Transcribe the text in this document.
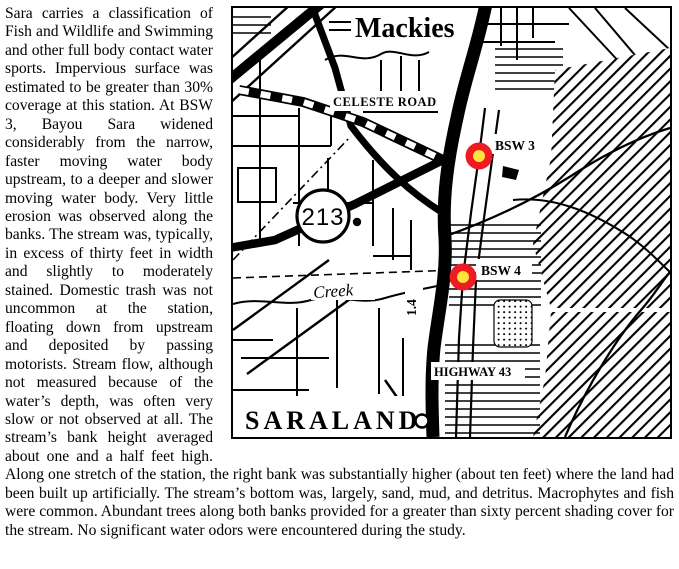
Mackies
CELESTE ROAD
213
Creek
1.4
HIGHWAY 43
SARALAND
BSW 3
BSW 4

Sara carries a classification of Fish and Wildlife and Swimming and other full body contact water sports. Impervious surface was estimated to be greater than 30% coverage at this station. At BSW 3, Bayou Sara widened considerably from the narrow, faster moving water body upstream, to a deeper and slower moving water body. Very little erosion was observed along the banks. The stream was, typically, in excess of thirty feet in width and slightly to moderately stained. Domestic trash was not uncommon at the station, floating down from upstream and deposited by passing motorists. Stream flow, although not measured because of the water’s depth, was often very slow or not observed at all. The stream’s bank height averaged about one and a half feet high. Along one stretch of the station, the right bank was substantially higher (about ten feet) where the land had been built up artificially. The stream’s bottom was, largely, sand, mud, and detritus. Macrophytes and fish were common. Abundant trees along both banks provided for a greater than sixty percent shading cover for the stream. No significant water odors were encountered during the study.
